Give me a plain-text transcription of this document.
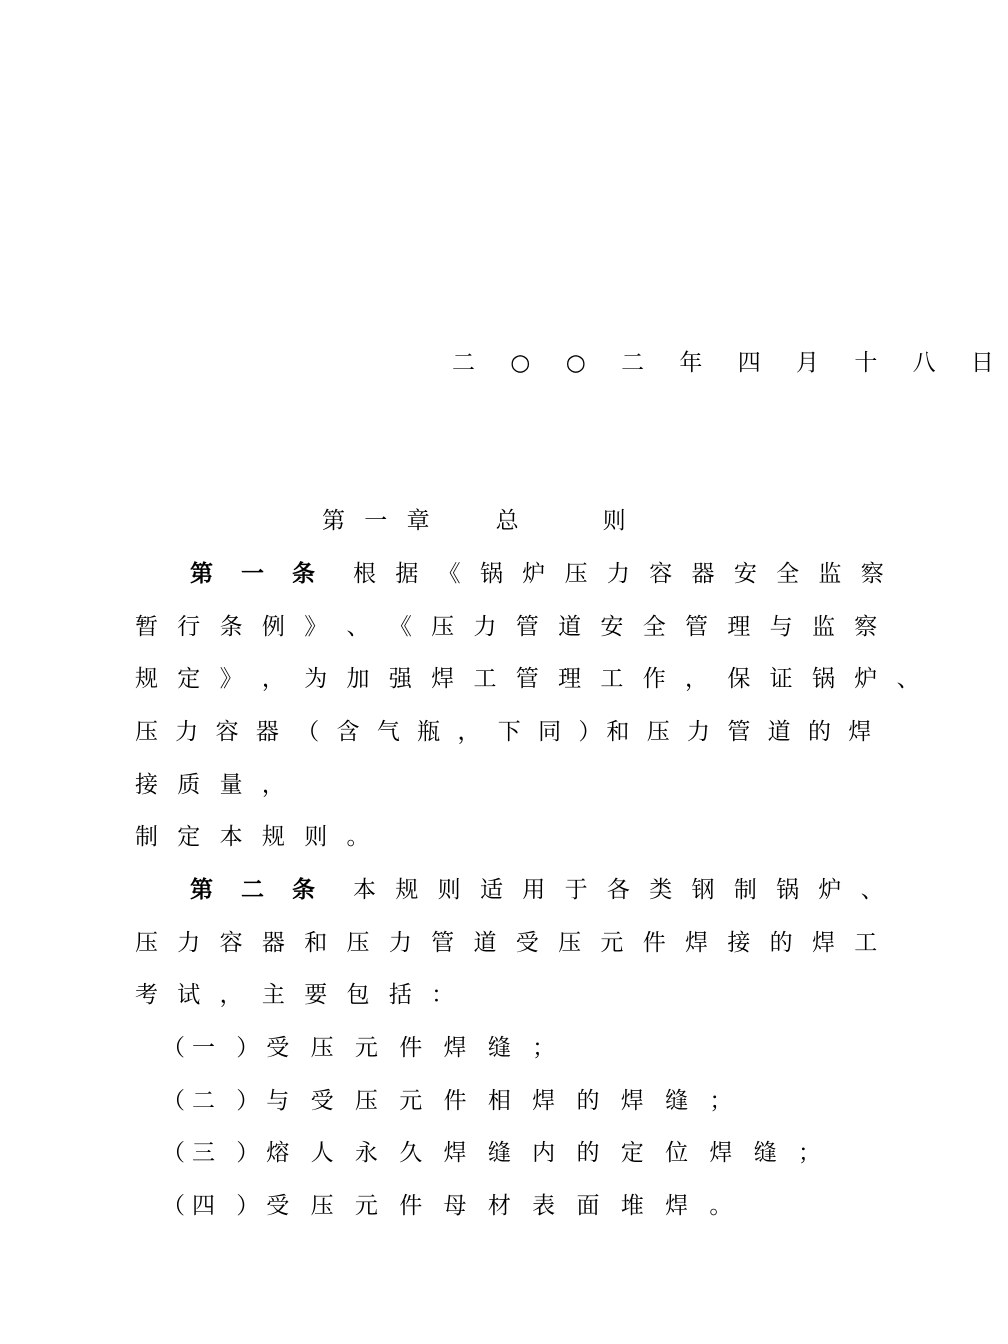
二 ○ ○ 二 年 四 月 十 八 日

第 一 章	总	则

第 一 条 根 据 《 锅 炉 压 力 容 器 安 全 监 察

暂 行 条 例 》 、 《 压 力 管 道 安 全 管 理 与 监 察

规 定 》 ， 为 加 强 焊 工 管 理 工 作 ， 保 证 锅 炉 、

压 力 容 器 （ 含 气 瓶 ， 下 同 ）和 压 力 管 道 的 焊

接 质 量 ，

制 定 本 规 则 。

第 二 条 本 规 则 适 用 于 各 类 钢 制 锅 炉 、

压 力 容 器 和 压 力 管 道 受 压 元 件 焊 接 的 焊 工

考 试 ， 主 要 包 括 ：

（一 ）受 压 元 件 焊 缝 ；

（二 ）与 受 压 元 件 相 焊 的 焊 缝 ；

（三 ）熔 人 永 久 焊 缝 内 的 定 位 焊 缝 ；

（四 ）受 压 元 件 母 材 表 面 堆 焊 。
